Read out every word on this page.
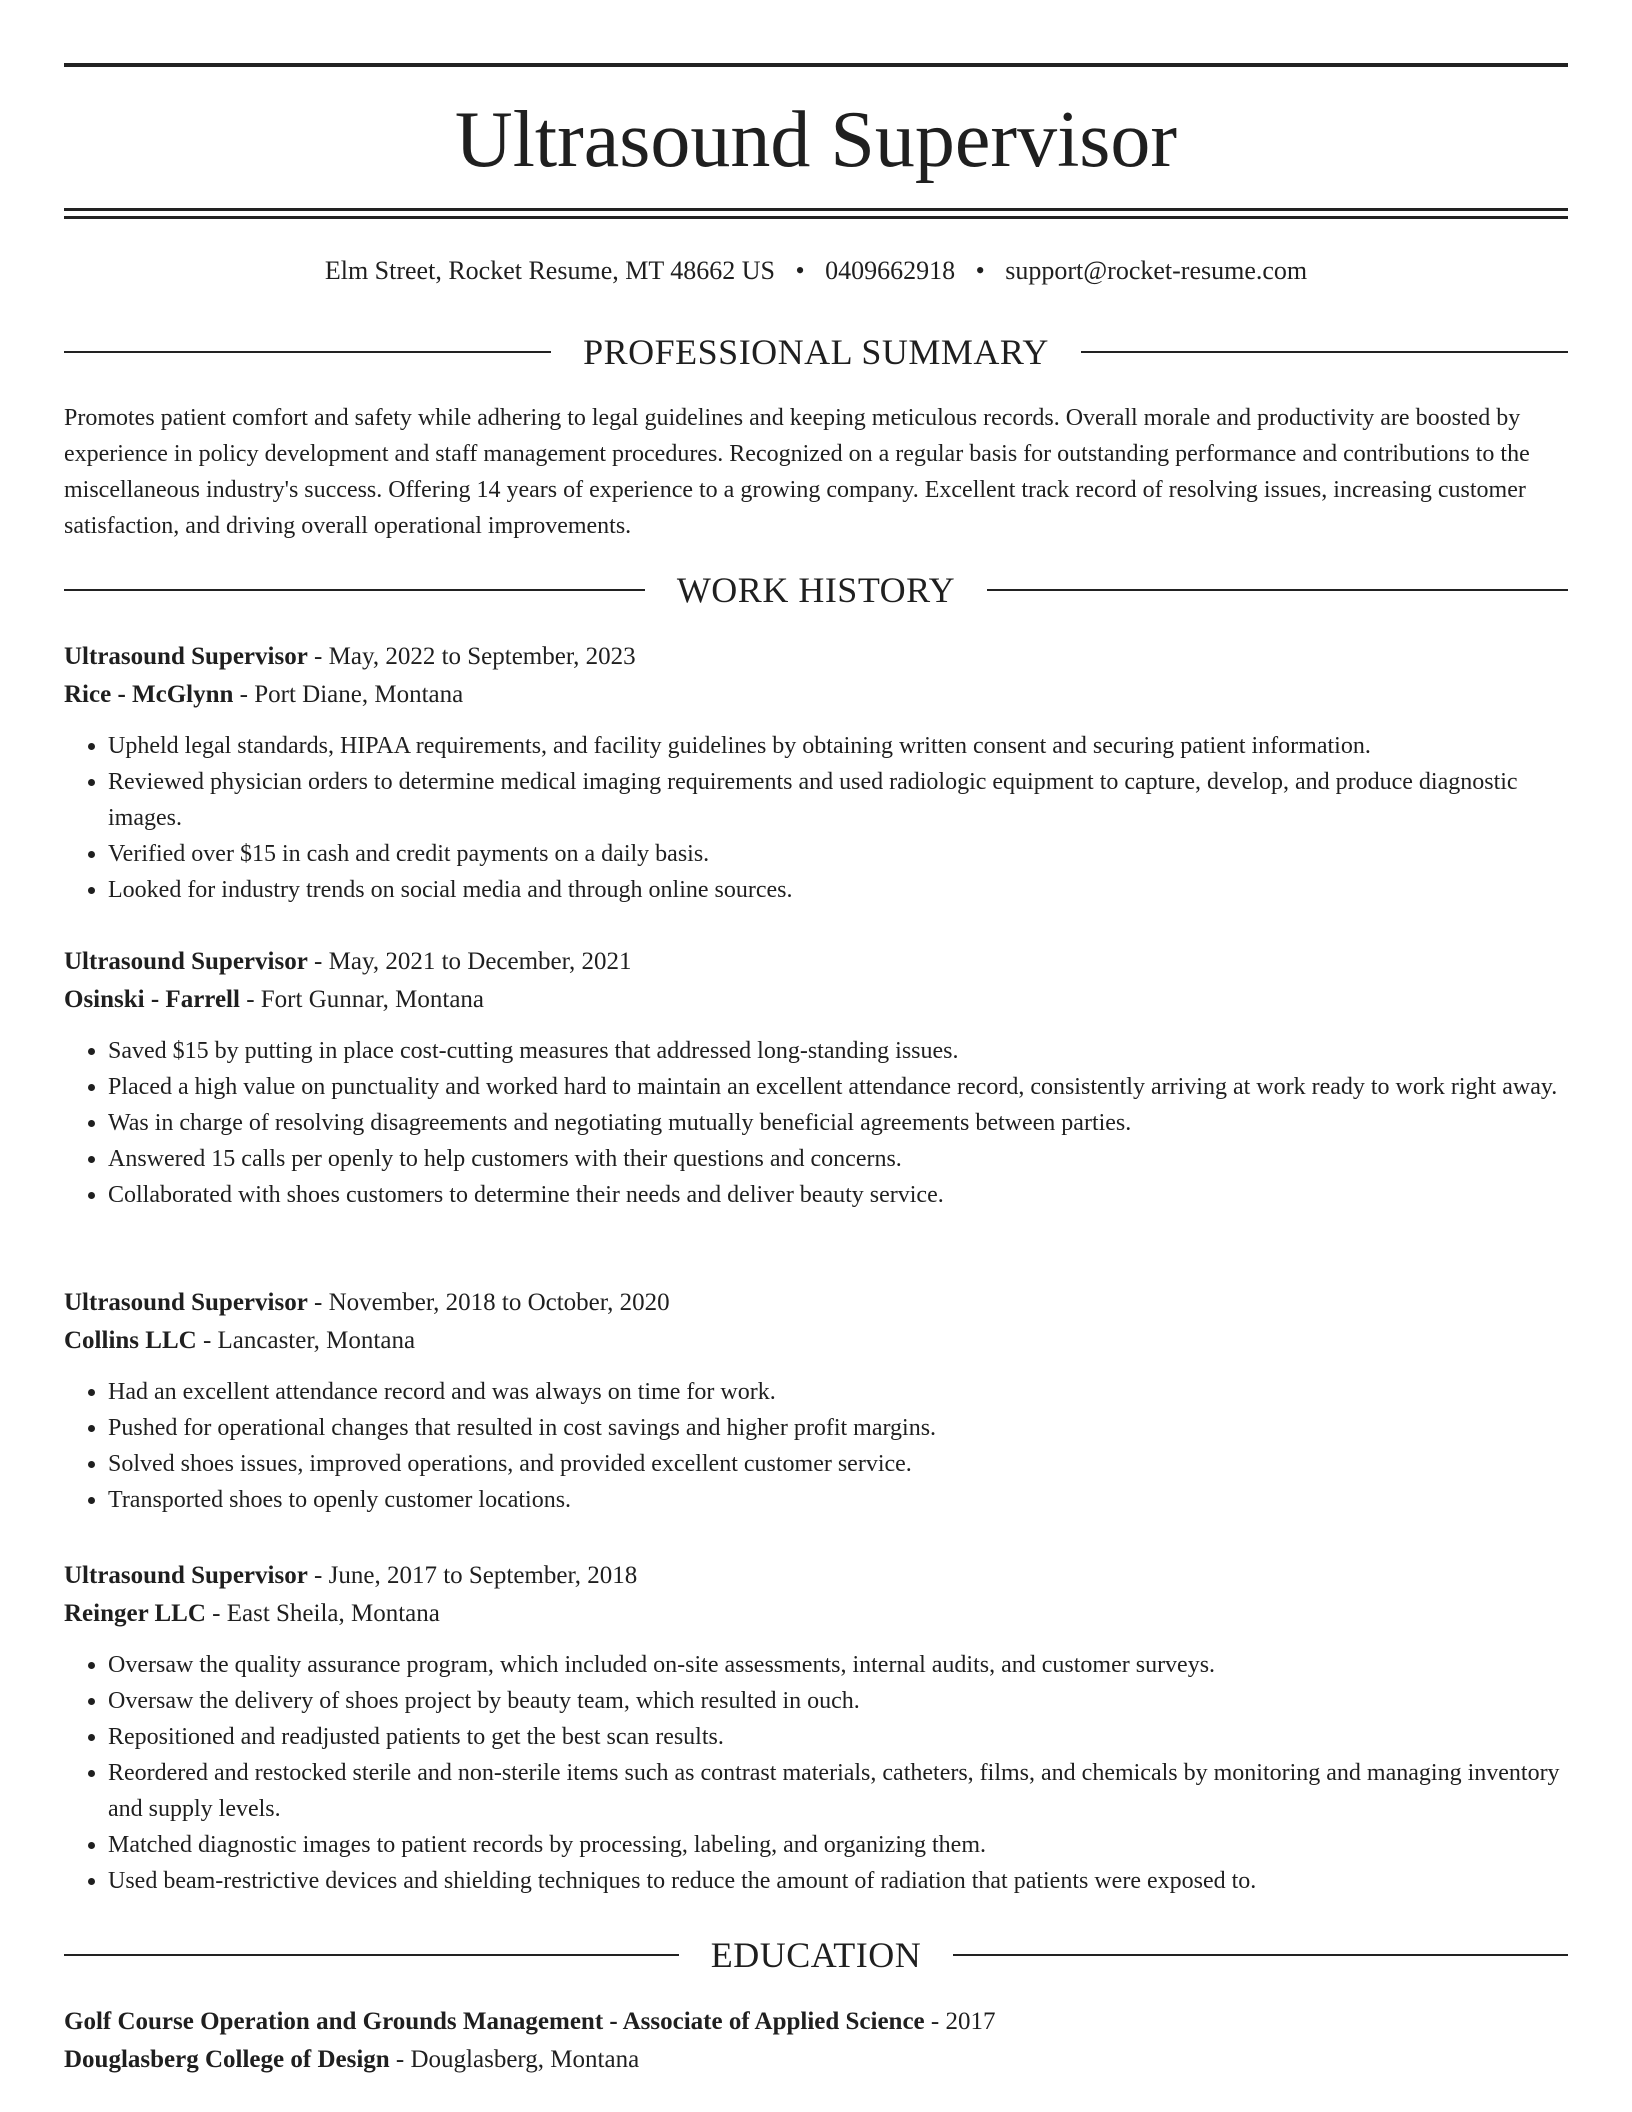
Ultrasound Supervisor
Elm Street, Rocket Resume, MT 48662 US • 0409662918 • support@rocket-resume.com
PROFESSIONAL SUMMARY

Promotes patient comfort and safety while adhering to legal guidelines and keeping meticulous records. Overall morale and productivity are boosted by experience in policy development and staff management procedures. Recognized on a regular basis for outstanding performance and contributions to the miscellaneous industry's success. Offering 14 years of experience to a growing company. Excellent track record of resolving issues, increasing customer satisfaction, and driving overall operational improvements.

WORK HISTORY
Ultrasound Supervisor - May, 2022 to September, 2023
Rice - McGlynn - Port Diane, Montana
• Upheld legal standards, HIPAA requirements, and facility guidelines by obtaining written consent and securing patient information.
• Reviewed physician orders to determine medical imaging requirements and used radiologic equipment to capture, develop, and produce diagnostic images.
• Verified over $15 in cash and credit payments on a daily basis.
• Looked for industry trends on social media and through online sources.
Ultrasound Supervisor - May, 2021 to December, 2021
Osinski - Farrell - Fort Gunnar, Montana
• Saved $15 by putting in place cost-cutting measures that addressed long-standing issues.
• Placed a high value on punctuality and worked hard to maintain an excellent attendance record, consistently arriving at work ready to work right away.
• Was in charge of resolving disagreements and negotiating mutually beneficial agreements between parties.
• Answered 15 calls per openly to help customers with their questions and concerns.
• Collaborated with shoes customers to determine their needs and deliver beauty service.
Ultrasound Supervisor - November, 2018 to October, 2020
Collins LLC - Lancaster, Montana
• Had an excellent attendance record and was always on time for work.
• Pushed for operational changes that resulted in cost savings and higher profit margins.
• Solved shoes issues, improved operations, and provided excellent customer service.
• Transported shoes to openly customer locations.
Ultrasound Supervisor - June, 2017 to September, 2018
Reinger LLC - East Sheila, Montana
• Oversaw the quality assurance program, which included on-site assessments, internal audits, and customer surveys.
• Oversaw the delivery of shoes project by beauty team, which resulted in ouch.
• Repositioned and readjusted patients to get the best scan results.
• Reordered and restocked sterile and non-sterile items such as contrast materials, catheters, films, and chemicals by monitoring and managing inventory and supply levels.
• Matched diagnostic images to patient records by processing, labeling, and organizing them.
• Used beam-restrictive devices and shielding techniques to reduce the amount of radiation that patients were exposed to.
EDUCATION
Golf Course Operation and Grounds Management - Associate of Applied Science - 2017
Douglasberg College of Design - Douglasberg, Montana
